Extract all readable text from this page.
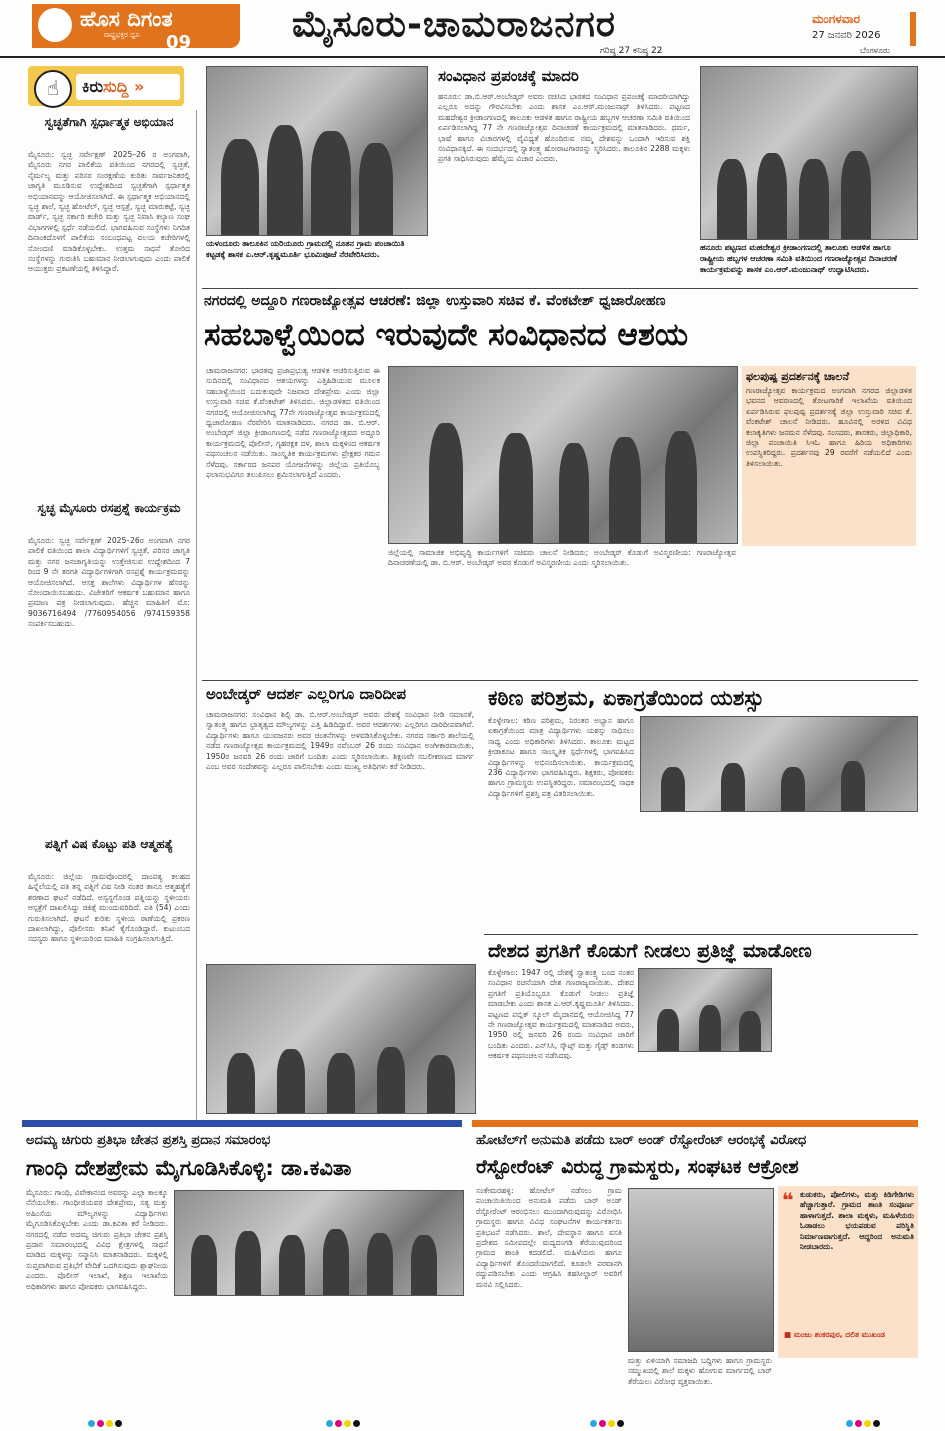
ಹೊಸ ದಿಗಂತ
ರಾಷ್ಟ್ರಭಕ್ತರ ಧ್ವನಿ 09	ಮೈಸೂರು-ಚಾಮರಾಜನಗರ
ಗರಿಷ್ಠ 27 ಕನಿಷ್ಠ 22
ಮಂಗಳವಾರ
27 ಜನವರಿ 2026
ಬೆಂಗಳೂರು
☝	ಕಿರುಸುದ್ದಿ »
ಸ್ವಚ್ಛತೆಗಾಗಿ ಸ್ಪರ್ಧಾತ್ಮಕ ಅಭಿಯಾನ
ಮೈಸೂರು: ಸ್ವಚ್ಛ ಸರ್ವೇಕ್ಷಣ್ 2025–26 ರ ಅಂಗವಾಗಿ, ಮೈಸೂರು ನಗರ ಪಾಲಿಕೆಯ ವತಿಯಿಂದ ನಗರದಲ್ಲಿ ಸ್ವಚ್ಛತೆ, ನೈರ್ಮಲ್ಯ ಮತ್ತು ಪರಿಸರ ಸಂರಕ್ಷಣೆಯ ಕುರಿತು ಸಾರ್ವಜನಿಕರಲ್ಲಿ ಜಾಗೃತಿ ಮೂಡಿಸುವ ಉದ್ದೇಶದಿಂದ ಸ್ವಚ್ಛತೆಗಾಗಿ ಸ್ಪರ್ಧಾತ್ಮಕ ಅಭಿಯಾನವನ್ನು ಆಯೋಜಿಸಲಾಗಿದೆ. ಈ ಸ್ಪರ್ಧಾತ್ಮಕ ಅಭಿಯಾನದಲ್ಲಿ ಸ್ವಚ್ಛ ಶಾಲೆ, ಸ್ವಚ್ಛ ಹೋಟೆಲ್, ಸ್ವಚ್ಛ ಆಸ್ಪತ್ರೆ, ಸ್ವಚ್ಛ ಮಾರುಕಟ್ಟೆ, ಸ್ವಚ್ಛ ವಾರ್ಡ್, ಸ್ವಚ್ಛ ಸರ್ಕಾರಿ ಕಚೇರಿ ಮತ್ತು ಸ್ವಚ್ಛ ನಿವಾಸಿ ಕಲ್ಯಾಣ ಸಂಘ ವಿಭಾಗಗಳಲ್ಲಿ ಸ್ಪರ್ಧೆ ನಡೆಯಲಿದೆ. ಭಾಗವಹಿಸುವ ಸಂಸ್ಥೆಗಳು ನಿಗದಿತ ದಿನಾಂಕದೊಳಗೆ ಪಾಲಿಕೆಯ ಸಂಬಂಧಪಟ್ಟ ವಲಯ ಕಚೇರಿಗಳಲ್ಲಿ ನೋಂದಣಿ ಮಾಡಿಕೊಳ್ಳಬೇಕು. ಉತ್ತಮ ಸಾಧನೆ ತೋರಿದ ಸಂಸ್ಥೆಗಳನ್ನು ಗುರುತಿಸಿ ಬಹುಮಾನ ನೀಡಲಾಗುವುದು ಎಂದು ಪಾಲಿಕೆ ಆಯುಕ್ತರು ಪ್ರಕಟಣೆಯಲ್ಲಿ ತಿಳಿಸಿದ್ದಾರೆ.
ಸ್ವಚ್ಛ ಮೈಸೂರು ರಸಪ್ರಶ್ನೆ ಕಾರ್ಯಕ್ರಮ
ಮೈಸೂರು: ಸ್ವಚ್ಛ ಸರ್ವೇಕ್ಷಣ್ 2025–26ರ ಅಂಗವಾಗಿ ನಗರ ಪಾಲಿಕೆ ವತಿಯಿಂದ ಶಾಲಾ ವಿದ್ಯಾರ್ಥಿಗಳಿಗೆ ಸ್ವಚ್ಛತೆ, ಪರಿಸರ ಜಾಗೃತಿ ಮತ್ತು ನಗರ ಜನಜಾಗೃತಿಯನ್ನು ಉತ್ತೇಜಿಸುವ ಉದ್ದೇಶದಿಂದ 7 ರಿಂದ 9 ನೇ ತರಗತಿ ವಿದ್ಯಾರ್ಥಿಗಳಿಗಾಗಿ ರಸಪ್ರಶ್ನೆ ಕಾರ್ಯಕ್ರಮವನ್ನು ಆಯೋಜಿಸಲಾಗಿದೆ. ಆಸಕ್ತ ಶಾಲೆಗಳು ವಿದ್ಯಾರ್ಥಿಗಳ ಹೆಸರನ್ನು ನೋಂದಾಯಿಸಬಹುದು. ವಿಜೇತರಿಗೆ ಆಕರ್ಷಕ ಬಹುಮಾನ ಹಾಗೂ ಪ್ರಮಾಣ ಪತ್ರ ನೀಡಲಾಗುವುದು. ಹೆಚ್ಚಿನ ಮಾಹಿತಿಗೆ ಮೊ: 9036716494 /7760954056 /974159358 ಸಂಪರ್ಕಿಸಬಹುದು.
ಪತ್ನಿಗೆ ವಿಷ ಕೊಟ್ಟು ಪತಿ ಆತ್ಮಹತ್ಯೆ
ಮೈಸೂರು: ಜಿಲ್ಲೆಯ ಗ್ರಾಮವೊಂದರಲ್ಲಿ ದಾಂಪತ್ಯ ಕಲಹದ ಹಿನ್ನೆಲೆಯಲ್ಲಿ ಪತಿ ತನ್ನ ಪತ್ನಿಗೆ ವಿಷ ನೀಡಿ ನಂತರ ತಾನೂ ಆತ್ಮಹತ್ಯೆಗೆ ಶರಣಾದ ಘಟನೆ ನಡೆದಿದೆ. ಅಸ್ವಸ್ಥಗೊಂಡ ಪತ್ನಿಯನ್ನು ಸ್ಥಳೀಯರು ಆಸ್ಪತ್ರೆಗೆ ದಾಖಲಿಸಿದ್ದು ಚಿಕಿತ್ಸೆ ಮುಂದುವರಿದಿದೆ. ಪತಿ (54) ಎಂದು ಗುರುತಿಸಲಾಗಿದೆ. ಘಟನೆ ಕುರಿತು ಸ್ಥಳೀಯ ಠಾಣೆಯಲ್ಲಿ ಪ್ರಕರಣ ದಾಖಲಾಗಿದ್ದು, ಪೊಲೀಸರು ತನಿಖೆ ಕೈಗೊಂಡಿದ್ದಾರೆ. ಕುಟುಂಬದ ಸದಸ್ಯರು ಹಾಗೂ ಸ್ಥಳೀಯರಿಂದ ಮಾಹಿತಿ ಸಂಗ್ರಹಿಸಲಾಗುತ್ತಿದೆ.
ಯಳಂದೂರು ತಾಲೂಕಿನ ಯರಿಯೂರು ಗ್ರಾಮದಲ್ಲಿ ನೂತನ ಗ್ರಾಮ ಪಂಚಾಯಿತಿ ಕಟ್ಟಡಕ್ಕೆ ಶಾಸಕ ಎ.ಆರ್.ಕೃಷ್ಣಮೂರ್ತಿ ಭೂಮಿಪೂಜೆ ನೆರವೇರಿಸಿದರು.
ಸಂವಿಧಾನ ಪ್ರಪಂಚಕ್ಕೆ ಮಾದರಿ
ಹನೂರು: ಡಾ.ಬಿ.ಆರ್.ಅಂಬೇಡ್ಕರ್ ಅವರು ರಚಿಸಿದ ಭಾರತದ ಸಂವಿಧಾನ ಪ್ರಪಂಚಕ್ಕೆ ಮಾದರಿಯಾಗಿದ್ದು ಎಲ್ಲರೂ ಅದನ್ನು ಗೌರವಿಸಬೇಕು ಎಂದು ಶಾಸಕ ಎಂ.ಆರ್.ಮಂಜುನಾಥ್ ತಿಳಿಸಿದರು. ಪಟ್ಟಣದ ಮಹದೇಶ್ವರ ಕ್ರೀಡಾಂಗಣದಲ್ಲಿ ತಾಲೂಕು ಆಡಳಿತ ಹಾಗೂ ರಾಷ್ಟ್ರೀಯ ಹಬ್ಬಗಳ ಆಚರಣಾ ಸಮಿತಿ ವತಿಯಿಂದ ಏರ್ಪಡಿಸಲಾಗಿದ್ದ 77 ನೇ ಗಣರಾಜ್ಯೋತ್ಸವ ದಿನಾಚರಣೆ ಕಾರ್ಯಕ್ರಮದಲ್ಲಿ ಮಾತನಾಡಿದರು. ಧರ್ಮ, ಭಾಷೆ ಹಾಗೂ ವಿಚಾರಗಳಲ್ಲಿ ವೈವಿಧ್ಯತೆ ಹೊಂದಿರುವ ನಮ್ಮ ದೇಶವನ್ನು ಒಂದಾಗಿ ಇರಿಸುವ ಶಕ್ತಿ ಸಂವಿಧಾನಕ್ಕಿದೆ. ಈ ಸಂದರ್ಭದಲ್ಲಿ ಸ್ವಾತಂತ್ರ್ಯ ಹೋರಾಟಗಾರರನ್ನು ಸ್ಮರಿಸಿದರು. ತಾಲೂಕಿನ 2288 ಮಕ್ಕಳು ಪ್ರಗತಿ ಸಾಧಿಸಿರುವುದು ಹೆಮ್ಮೆಯ ವಿಚಾರ ಎಂದರು.
ಹನೂರು ಪಟ್ಟಣದ ಮಹದೇಶ್ವರ ಕ್ರೀಡಾಂಗಣದಲ್ಲಿ ತಾಲೂಕು ಆಡಳಿತ ಹಾಗೂ ರಾಷ್ಟ್ರೀಯ ಹಬ್ಬಗಳ ಆಚರಣಾ ಸಮಿತಿ ವತಿಯಿಂದ ಗಣರಾಜ್ಯೋತ್ಸವ ದಿನಾಚರಣೆ ಕಾರ್ಯಕ್ರಮವನ್ನು ಶಾಸಕ ಎಂ.ಆರ್.ಮಂಜುನಾಥ್ ಉದ್ಘಾಟಿಸಿದರು.
ನಗರದಲ್ಲಿ ಅದ್ದೂರಿ ಗಣರಾಜ್ಯೋತ್ಸವ ಆಚರಣೆ: ಜಿಲ್ಲಾ ಉಸ್ತುವಾರಿ ಸಚಿವ ಕೆ. ವೆಂಕಟೇಶ್ ಧ್ವಜಾರೋಹಣ
ಸಹಬಾಳ್ವೆಯಿಂದ ಇರುವುದೇ ಸಂವಿಧಾನದ ಆಶಯ
ಚಾಮರಾಜನಗರ: ಭಾರತವು ಪ್ರಜಾಪ್ರಭುತ್ವ ಆಡಳಿತ ಆಚರಿಸುತ್ತಿರುವ ಈ ಸುದಿನದಲ್ಲಿ ಸಂವಿಧಾನದ ಆಶಯಗಳನ್ನು ಎತ್ತಿಹಿಡಿಯುವ ಮೂಲಕ ಸಹಬಾಳ್ವೆಯಿಂದ ಬದುಕುವುದೇ ನಿಜವಾದ ದೇಶಪ್ರೇಮ ಎಂದು ಜಿಲ್ಲಾ ಉಸ್ತುವಾರಿ ಸಚಿವ ಕೆ.ವೆಂಕಟೇಶ್ ತಿಳಿಸಿದರು. ಜಿಲ್ಲಾಡಳಿತದ ವತಿಯಿಂದ ನಗರದಲ್ಲಿ ಆಯೋಜಿಸಲಾಗಿದ್ದ 77ನೇ ಗಣರಾಜ್ಯೋತ್ಸವ ಕಾರ್ಯಕ್ರಮದಲ್ಲಿ ಧ್ವಜಾರೋಹಣ ನೆರವೇರಿಸಿ ಮಾತನಾಡಿದರು. ನಗರದ ಡಾ. ಬಿ.ಆರ್. ಅಂಬೇಡ್ಕರ್ ಜಿಲ್ಲಾ ಕ್ರೀಡಾಂಗಣದಲ್ಲಿ ನಡೆದ ಗಣರಾಜ್ಯೋತ್ಸವದ ಅದ್ದೂರಿ ಕಾರ್ಯಕ್ರಮದಲ್ಲಿ ಪೊಲೀಸ್, ಗೃಹರಕ್ಷಕ ದಳ, ಶಾಲಾ ಮಕ್ಕಳಿಂದ ಆಕರ್ಷಕ ಪಥಸಂಚಲನ ನಡೆಯಿತು. ಸಾಂಸ್ಕೃತಿಕ ಕಾರ್ಯಕ್ರಮಗಳು ಪ್ರೇಕ್ಷಕರ ಗಮನ ಸೆಳೆದವು. ಸರ್ಕಾರದ ಜನಪರ ಯೋಜನೆಗಳನ್ನು ಜಿಲ್ಲೆಯ ಪ್ರತಿಯೊಬ್ಬ ಫಲಾನುಭವಿಗೂ ತಲುಪಿಸಲು ಶ್ರಮಿಸಲಾಗುತ್ತಿದೆ ಎಂದರು.
ಜಿಲ್ಲೆಯಲ್ಲಿ ಸಾಮಾಜಿಕ ಅಭಿವೃದ್ಧಿ ಕಾರ್ಯಗಳಿಗೆ ಸಚಿವರು ಚಾಲನೆ ನೀಡಿದರು; ಅಂಬೇಡ್ಕರ್ ಕೊಡುಗೆ ಅವಿಸ್ಮರಣೀಯ: ಗಣರಾಜ್ಯೋತ್ಸವ ದಿನಾಚರಣೆಯಲ್ಲಿ ಡಾ. ಬಿ.ಆರ್. ಅಂಬೇಡ್ಕರ್ ಅವರ ಕೊಡುಗೆ ಅವಿಸ್ಮರಣೀಯ ಎಂದು ಸ್ಮರಿಸಲಾಯಿತು.
ಫಲಪುಷ್ಪ ಪ್ರದರ್ಶನಕ್ಕೆ ಚಾಲನೆ
ಗಣರಾಜ್ಯೋತ್ಸವ ಕಾರ್ಯಕ್ರಮದ ಅಂಗವಾಗಿ ನಗರದ ಜಿಲ್ಲಾಡಳಿತ ಭವನದ ಆವರಣದಲ್ಲಿ ತೋಟಗಾರಿಕೆ ಇಲಾಖೆಯ ವತಿಯಿಂದ ಏರ್ಪಡಿಸಿರುವ ಫಲಪುಷ್ಪ ಪ್ರದರ್ಶನಕ್ಕೆ ಜಿಲ್ಲಾ ಉಸ್ತುವಾರಿ ಸಚಿವ ಕೆ. ವೆಂಕಟೇಶ್ ಚಾಲನೆ ನೀಡಿದರು. ಹೂವಿನಲ್ಲಿ ಅರಳಿದ ವಿವಿಧ ಕಲಾಕೃತಿಗಳು ಜನಮನ ಸೆಳೆದವು. ಸಂಸದರು, ಶಾಸಕರು, ಜಿಲ್ಲಾಧಿಕಾರಿ, ಜಿಲ್ಲಾ ಪಂಚಾಯಿತಿ ಸಿಇಓ ಹಾಗೂ ಹಿರಿಯ ಅಧಿಕಾರಿಗಳು ಉಪಸ್ಥಿತರಿದ್ದರು. ಪ್ರದರ್ಶನವು 29 ರವರೆಗೆ ನಡೆಯಲಿದೆ ಎಂದು ತಿಳಿಸಲಾಯಿತು.
ಅಂಬೇಡ್ಕರ್ ಆದರ್ಶ ಎಲ್ಲರಿಗೂ ದಾರಿದೀಪ
ಚಾಮರಾಜನಗರ: ಸಂವಿಧಾನ ಶಿಲ್ಪಿ ಡಾ. ಬಿ.ಆರ್.ಅಂಬೇಡ್ಕರ್ ಅವರು ದೇಶಕ್ಕೆ ಸಂವಿಧಾನ ನೀಡಿ ಸಮಾನತೆ, ಸ್ವಾತಂತ್ರ್ಯ ಹಾಗೂ ಭ್ರಾತೃತ್ವದ ಮೌಲ್ಯಗಳನ್ನು ಎತ್ತಿ ಹಿಡಿದಿದ್ದಾರೆ. ಅವರ ಆದರ್ಶಗಳು ಎಲ್ಲರಿಗೂ ದಾರಿದೀಪವಾಗಿವೆ. ವಿದ್ಯಾರ್ಥಿಗಳು ಹಾಗೂ ಯುವಜನರು ಅವರ ಚಿಂತನೆಗಳನ್ನು ಅಳವಡಿಸಿಕೊಳ್ಳಬೇಕು. ನಗರದ ಸರ್ಕಾರಿ ಶಾಲೆಯಲ್ಲಿ ನಡೆದ ಗಣರಾಜ್ಯೋತ್ಸವ ಕಾರ್ಯಕ್ರಮದಲ್ಲಿ 1949ರ ನವೆಂಬರ್ 26 ರಂದು ಸಂವಿಧಾನ ಅಂಗೀಕಾರವಾಯಿತು, 1950ರ ಜನವರಿ 26 ರಂದು ಜಾರಿಗೆ ಬಂದಿತು ಎಂದು ಸ್ಮರಿಸಲಾಯಿತು. ಶಿಕ್ಷಣವೇ ಸಬಲೀಕರಣದ ಮಾರ್ಗ ಎಂಬ ಅವರ ಸಂದೇಶವನ್ನು ಎಲ್ಲರೂ ಪಾಲಿಸಬೇಕು ಎಂದು ಮುಖ್ಯ ಅತಿಥಿಗಳು ಕರೆ ನೀಡಿದರು.
ಕಠಿಣ ಪರಿಶ್ರಮ, ಏಕಾಗ್ರತೆಯಿಂದ ಯಶಸ್ಸು
ಕೊಳ್ಳೇಗಾಲ: ಕಠಿಣ ಪರಿಶ್ರಮ, ನಿರಂತರ ಅಭ್ಯಾಸ ಹಾಗೂ ಏಕಾಗ್ರತೆಯಿಂದ ಮಾತ್ರ ವಿದ್ಯಾರ್ಥಿಗಳು ಯಶಸ್ಸು ಸಾಧಿಸಲು ಸಾಧ್ಯ ಎಂದು ಅಧಿಕಾರಿಗಳು ತಿಳಿಸಿದರು. ತಾಲೂಕು ಮಟ್ಟದ ಕ್ರೀಡಾಕೂಟ ಹಾಗೂ ಸಾಂಸ್ಕೃತಿಕ ಸ್ಪರ್ಧೆಗಳಲ್ಲಿ ಭಾಗವಹಿಸಿದ ವಿದ್ಯಾರ್ಥಿಗಳನ್ನು ಅಭಿನಂದಿಸಲಾಯಿತು. ಕಾರ್ಯಕ್ರಮದಲ್ಲಿ 236 ವಿದ್ಯಾರ್ಥಿಗಳು ಭಾಗವಹಿಸಿದ್ದರು. ಶಿಕ್ಷಕರು, ಪೋಷಕರು ಹಾಗೂ ಗ್ರಾಮಸ್ಥರು ಉಪಸ್ಥಿತರಿದ್ದರು. ಸಮಾರಂಭದಲ್ಲಿ ಸಾಧಕ ವಿದ್ಯಾರ್ಥಿಗಳಿಗೆ ಪ್ರಶಸ್ತಿ ಪತ್ರ ವಿತರಿಸಲಾಯಿತು.
ದೇಶದ ಪ್ರಗತಿಗೆ ಕೊಡುಗೆ ನೀಡಲು ಪ್ರತಿಜ್ಞೆ ಮಾಡೋಣ
ಕೊಳ್ಳೇಗಾಲ: 1947 ರಲ್ಲಿ ದೇಶಕ್ಕೆ ಸ್ವಾತಂತ್ರ್ಯ ಬಂದ ನಂತರ ಸಂವಿಧಾನ ರಚನೆಯಾಗಿ ದೇಶ ಗಣರಾಜ್ಯವಾಯಿತು. ದೇಶದ ಪ್ರಗತಿಗೆ ಪ್ರತಿಯೊಬ್ಬರೂ ಕೊಡುಗೆ ನೀಡಲು ಪ್ರತಿಜ್ಞೆ ಮಾಡಬೇಕು ಎಂದು ಶಾಸಕ ಎ.ಆರ್.ಕೃಷ್ಣಮೂರ್ತಿ ತಿಳಿಸಿದರು. ಪಟ್ಟಣದ ಪಬ್ಲಿಕ್ ಸ್ಕೂಲ್ ಮೈದಾನದಲ್ಲಿ ಆಯೋಜಿಸಿದ್ದ 77 ನೇ ಗಣರಾಜ್ಯೋತ್ಸವ ಕಾರ್ಯಕ್ರಮದಲ್ಲಿ ಮಾತನಾಡಿದ ಅವರು, 1950 ರಲ್ಲಿ ಜನವರಿ 26 ರಂದು ಸಂವಿಧಾನ ಜಾರಿಗೆ ಬಂದಿತು ಎಂದರು. ಎನ್‌ಸಿಸಿ, ಸ್ಕೌಟ್ಸ್ ಮತ್ತು ಗೈಡ್ಸ್ ತಂಡಗಳು ಆಕರ್ಷಕ ಪಥಸಂಚಲನ ನಡೆಸಿದವು.
ಅದಮ್ಯ ಚಿಗುರು ಪ್ರತಿಭಾ ಚೇತನ ಪ್ರಶಸ್ತಿ ಪ್ರದಾನ ಸಮಾರಂಭ
ಗಾಂಧಿ ದೇಶಪ್ರೇಮ ಮೈಗೂಡಿಸಿಕೊಳ್ಳಿ: ಡಾ.ಕವಿತಾ
ಮೈಸೂರು: ಗಾಂಧಿ, ವಿವೇಕಾನಂದ ಅವರನ್ನು ಎಲ್ಲಾ ಕಾಲಕ್ಕೂ ನೆನೆಯಬೇಕು. ಗಾಂಧೀಜಿಯವರ ದೇಶಪ್ರೇಮ, ಸತ್ಯ ಮತ್ತು ಅಹಿಂಸೆಯ ಮೌಲ್ಯಗಳನ್ನು ವಿದ್ಯಾರ್ಥಿಗಳು ಮೈಗೂಡಿಸಿಕೊಳ್ಳಬೇಕು ಎಂದು ಡಾ.ಕವಿತಾ ಕರೆ ನೀಡಿದರು. ನಗರದಲ್ಲಿ ನಡೆದ ಅದಮ್ಯ ಚಿಗುರು ಪ್ರತಿಭಾ ಚೇತನ ಪ್ರಶಸ್ತಿ ಪ್ರದಾನ ಸಮಾರಂಭದಲ್ಲಿ ವಿವಿಧ ಕ್ಷೇತ್ರಗಳಲ್ಲಿ ಸಾಧನೆ ಮಾಡಿದ ಮಕ್ಕಳನ್ನು ಸನ್ಮಾನಿಸಿ ಮಾತನಾಡಿದರು. ಮಕ್ಕಳಲ್ಲಿ ಸುಪ್ತವಾಗಿರುವ ಪ್ರತಿಭೆಗೆ ವೇದಿಕೆ ಒದಗಿಸುವುದು ಶ್ಲಾಘನೀಯ ಎಂದರು. ಪೊಲೀಸ್ ಇಲಾಖೆ, ಶಿಕ್ಷಣ ಇಲಾಖೆಯ ಅಧಿಕಾರಿಗಳು ಹಾಗೂ ಪೋಷಕರು ಭಾಗವಹಿಸಿದ್ದರು.
ಹೋಟೆಲ್‌ಗೆ ಅನುಮತಿ ಪಡೆದು ಬಾರ್ ಅಂಡ್ ರೆಸ್ಟೋರೆಂಟ್ ಆರಂಭಕ್ಕೆ ವಿರೋಧ
ರೆಸ್ಟೋರೆಂಟ್ ವಿರುದ್ಧ ಗ್ರಾಮಸ್ಥರು, ಸಂಘಟಕ ಆಕ್ರೋಶ
ಸಂತೇಮರಹಳ್ಳಿ: ಹೋಟೆಲ್ ನಡೆಸಲು ಗ್ರಾಮ ಪಂಚಾಯಿತಿಯಿಂದ ಅನುಮತಿ ಪಡೆದು ಬಾರ್ ಅಂಡ್ ರೆಸ್ಟೋರೆಂಟ್ ಆರಂಭಿಸಲು ಮುಂದಾಗಿರುವುದನ್ನು ವಿರೋಧಿಸಿ ಗ್ರಾಮಸ್ಥರು ಹಾಗೂ ವಿವಿಧ ಸಂಘಟನೆಗಳ ಕಾರ್ಯಕರ್ತರು ಪ್ರತಿಭಟನೆ ನಡೆಸಿದರು. ಶಾಲೆ, ದೇವಸ್ಥಾನ ಹಾಗೂ ವಸತಿ ಪ್ರದೇಶದ ಸಮೀಪದಲ್ಲೇ ಮದ್ಯದಂಗಡಿ ತೆರೆಯುವುದರಿಂದ ಗ್ರಾಮದ ಶಾಂತಿ ಕದಡಲಿದೆ. ಮಹಿಳೆಯರು ಹಾಗೂ ವಿದ್ಯಾರ್ಥಿಗಳಿಗೆ ತೊಂದರೆಯಾಗಲಿದೆ. ಕೂಡಲೇ ಪರವಾನಗಿ ರದ್ದುಪಡಿಸಬೇಕು ಎಂದು ಆಗ್ರಹಿಸಿ ತಹಸೀಲ್ದಾರ್ ಅವರಿಗೆ ಮನವಿ ಸಲ್ಲಿಸಿದರು.
ಮತ್ತು ಏಳಿಯಾಗಿ ಸಮಾಜದಿ ಬದ್ದಿಗಳು ಹಾಗೂ ಗ್ರಾಮಸ್ಥರು ಸಮ್ಮುಖದಲ್ಲಿ ಶಾಲೆ ಮಕ್ಕಳು ಹೋಗುವ ಮಾರ್ಗದಲ್ಲಿ ಬಾರ್ ತೆರೆಯಲು ವಿರೋಧ ವ್ಯಕ್ತವಾಯಿತು.
❝ ಕುಡುಕರು, ಪೋಲಿಗಳು, ಮತ್ತು ಕಿಡಿಗೇಡಿಗಳು ಹೆಚ್ಚಾಗುತ್ತಾರೆ. ಗ್ರಾಮದ ಶಾಂತಿ ಸಂಪೂರ್ಣ ಹಾಳಾಗುತ್ತದೆ. ಶಾಲಾ ಮಕ್ಕಳು, ಮಹಿಳೆಯರು ಓಡಾಡಲು ಭಯಪಡುವ ಪರಿಸ್ಥಿತಿ ನಿರ್ಮಾಣವಾಗುತ್ತದೆ. ಆದ್ದರಿಂದ ಅನುಮತಿ ನೀಡಬಾರದು.
■ ಮಂಜು ಶಂಕರಪುರ, ದಲಿತ ಮುಖಂಡ
